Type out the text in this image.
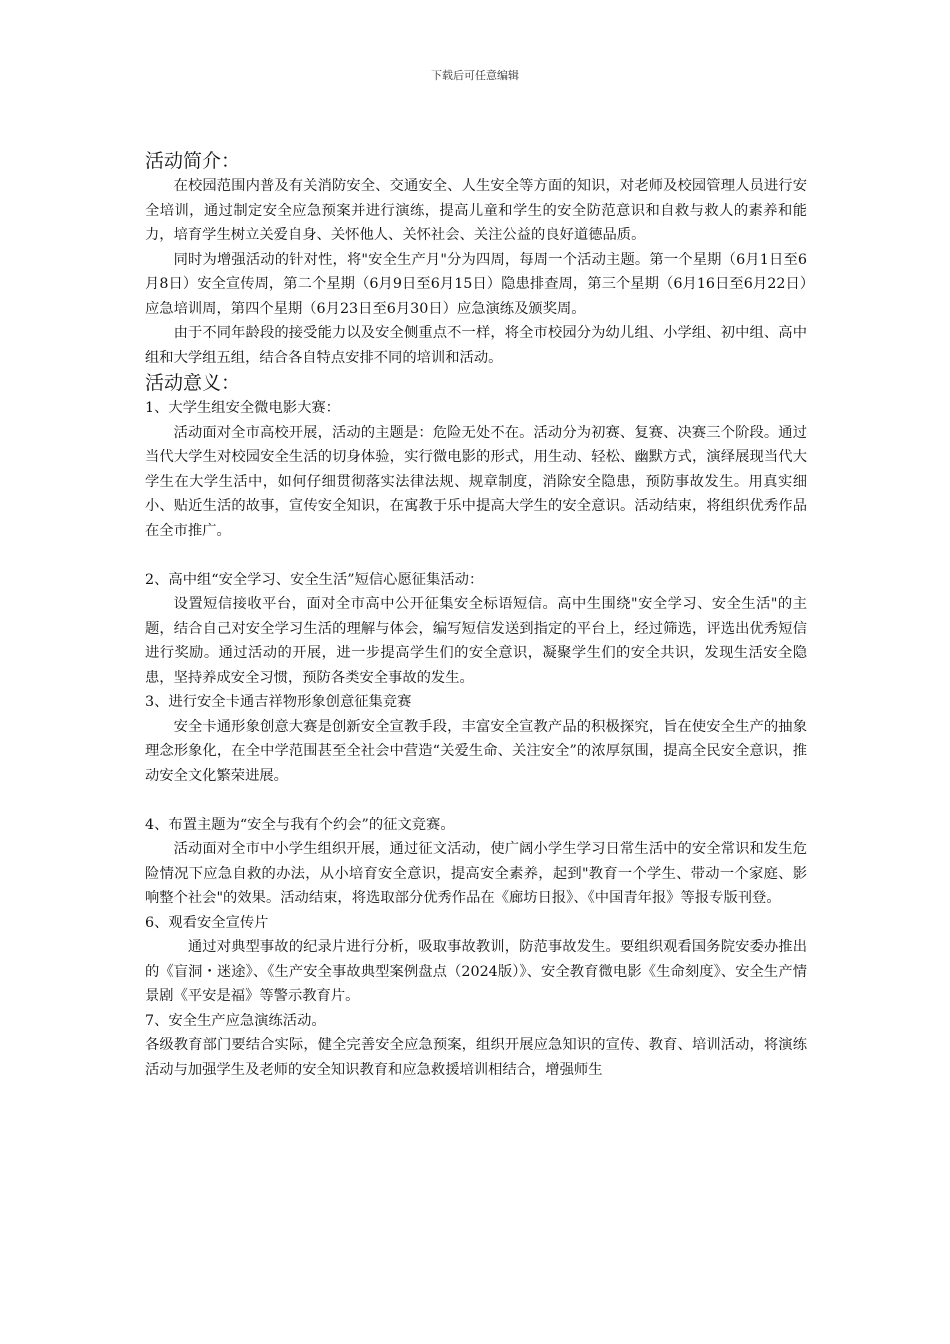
下载后可任意编辑
活动简介：

在校园范围内普及有关消防安全、交通安全、人生安全等方面的知识，对老师及校园管理人员进行安全培训，通过制定安全应急预案并进行演练，提高儿童和学生的安全防范意识和自救与救人的素养和能力，培育学生树立关爱自身、关怀他人、关怀社会、关注公益的良好道德品质。

同时为增强活动的针对性，将"安全生产月"分为四周，每周一个活动主题。第一个星期（6月1日至6月8日）安全宣传周，第二个星期（6月9日至6月15日）隐患排查周，第三个星期（6月16日至6月22日）应急培训周，第四个星期（6月23日至6月30日）应急演练及颁奖周。

由于不同年龄段的接受能力以及安全侧重点不一样，将全市校园分为幼儿组、小学组、初中组、高中组和大学组五组，结合各自特点安排不同的培训和活动。

活动意义：

1、大学生组安全微电影大赛：

活动面对全市高校开展，活动的主题是：危险无处不在。活动分为初赛、复赛、决赛三个阶段。通过当代大学生对校园安全生活的切身体验，实行微电影的形式，用生动、轻松、幽默方式，演绎展现当代大学生在大学生活中，如何仔细贯彻落实法律法规、规章制度，消除安全隐患，预防事故发生。用真实细小、贴近生活的故事，宣传安全知识，在寓教于乐中提高大学生的安全意识。活动结束，将组织优秀作品在全市推广。

2、高中组“安全学习、安全生活”短信心愿征集活动：

设置短信接收平台，面对全市高中公开征集安全标语短信。高中生围绕"安全学习、安全生活"的主题，结合自己对安全学习生活的理解与体会，编写短信发送到指定的平台上，经过筛选，评选出优秀短信进行奖励。通过活动的开展，进一步提高学生们的安全意识，凝聚学生们的安全共识，发现生活安全隐患，坚持养成安全习惯，预防各类安全事故的发生。

3、进行安全卡通吉祥物形象创意征集竞赛

安全卡通形象创意大赛是创新安全宣教手段，丰富安全宣教产品的积极探究，旨在使安全生产的抽象理念形象化，在全中学范围甚至全社会中营造“关爱生命、关注安全”的浓厚氛围，提高全民安全意识，推动安全文化繁荣进展。

4、布置主题为“安全与我有个约会”的征文竞赛。

活动面对全市中小学生组织开展，通过征文活动，使广阔小学生学习日常生活中的安全常识和发生危险情况下应急自救的办法，从小培育安全意识，提高安全素养，起到"教育一个学生、带动一个家庭、影响整个社会"的效果。活动结束，将选取部分优秀作品在《廊坊日报》、《中国青年报》等报专版刊登。

6、观看安全宣传片

通过对典型事故的纪录片进行分析，吸取事故教训，防范事故发生。要组织观看国务院安委办推出的《盲洞・迷途》、《生产安全事故典型案例盘点（2024版）》、安全教育微电影《生命刻度》、安全生产情景剧《平安是福》等警示教育片。

7、安全生产应急演练活动。

各级教育部门要结合实际，健全完善安全应急预案，组织开展应急知识的宣传、教育、培训活动，将演练活动与加强学生及老师的安全知识教育和应急救援培训相结合，增强师生
